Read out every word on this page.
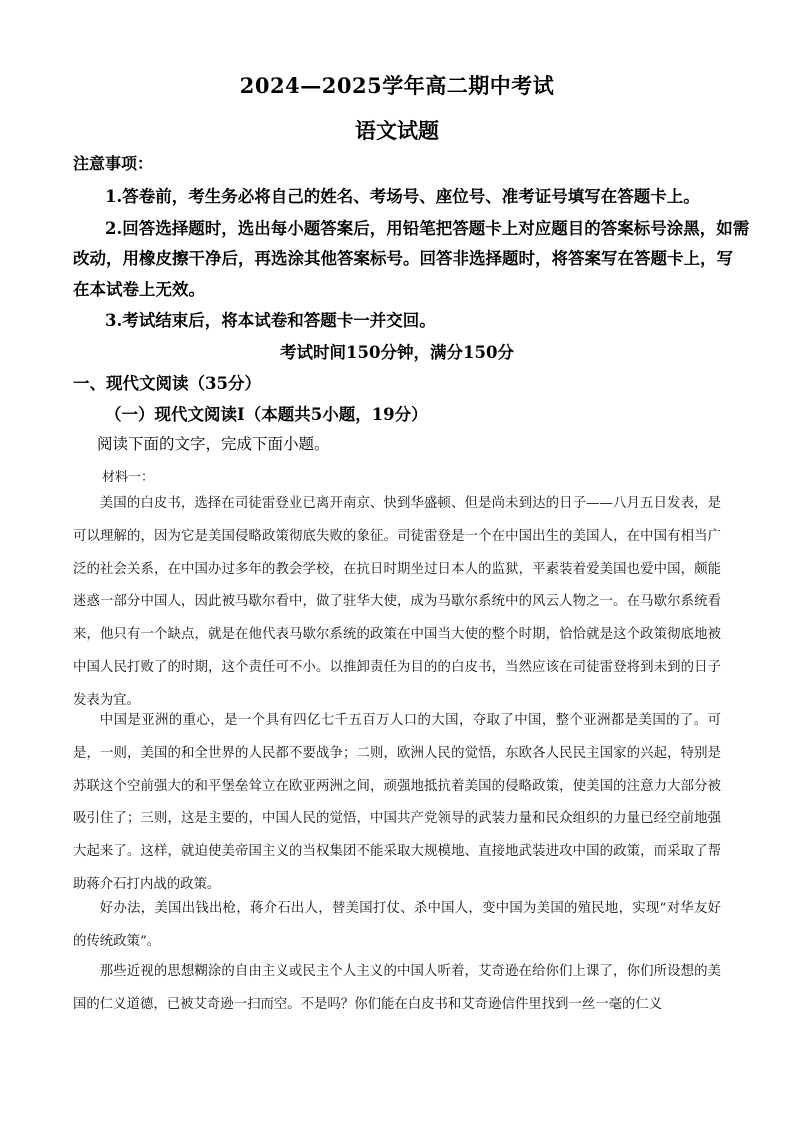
2024—2025学年高二期中考试
语文试题
注意事项：
1.答卷前，考生务必将自己的姓名、考场号、座位号、准考证号填写在答题卡上。
2.回答选择题时，选出每小题答案后，用铅笔把答题卡上对应题目的答案标号涂黑，如需
改动，用橡皮擦干净后，再选涂其他答案标号。回答非选择题时，将答案写在答题卡上，写
在本试卷上无效。
3.考试结束后，将本试卷和答题卡一并交回。
考试时间150分钟，满分150分
一、现代文阅读（35分）
（一）现代文阅读Ⅰ（本题共5小题，19分）
阅读下面的文字，完成下面小题。
材料一：
美国的白皮书，选择在司徒雷登业已离开南京、快到华盛顿、但是尚未到达的日子——八月五日发表，是可以理解的，因为它是美国侵略政策彻底失败的象征。司徒雷登是一个在中国出生的美国人，在中国有相当广泛的社会关系，在中国办过多年的教会学校，在抗日时期坐过日本人的监狱，平素装着爱美国也爱中国，颇能迷惑一部分中国人，因此被马歇尔看中，做了驻华大使，成为马歇尔系统中的风云人物之一。在马歇尔系统看来，他只有一个缺点，就是在他代表马歇尔系统的政策在中国当大使的整个时期，恰恰就是这个政策彻底地被中国人民打败了的时期，这个责任可不小。以推卸责任为目的的白皮书，当然应该在司徒雷登将到未到的日子发表为宜。
中国是亚洲的重心，是一个具有四亿七千五百万人口的大国，夺取了中国，整个亚洲都是美国的了。可是，一则，美国的和全世界的人民都不要战争；二则，欧洲人民的觉悟，东欧各人民民主国家的兴起，特别是苏联这个空前强大的和平堡垒耸立在欧亚两洲之间，顽强地抵抗着美国的侵略政策，使美国的注意力大部分被吸引住了；三则，这是主要的，中国人民的觉悟，中国共产党领导的武装力量和民众组织的力量已经空前地强大起来了。这样，就迫使美帝国主义的当权集团不能采取大规模地、直接地武装进攻中国的政策，而采取了帮助蒋介石打内战的政策。
好办法，美国出钱出枪，蒋介石出人，替美国打仗、杀中国人，变中国为美国的殖民地，实现“对华友好的传统政策”。
那些近视的思想糊涂的自由主义或民主个人主义的中国人听着，艾奇逊在给你们上课了，你们所设想的美国的仁义道德，已被艾奇逊一扫而空。不是吗？你们能在白皮书和艾奇逊信件里找到一丝一毫的仁义
